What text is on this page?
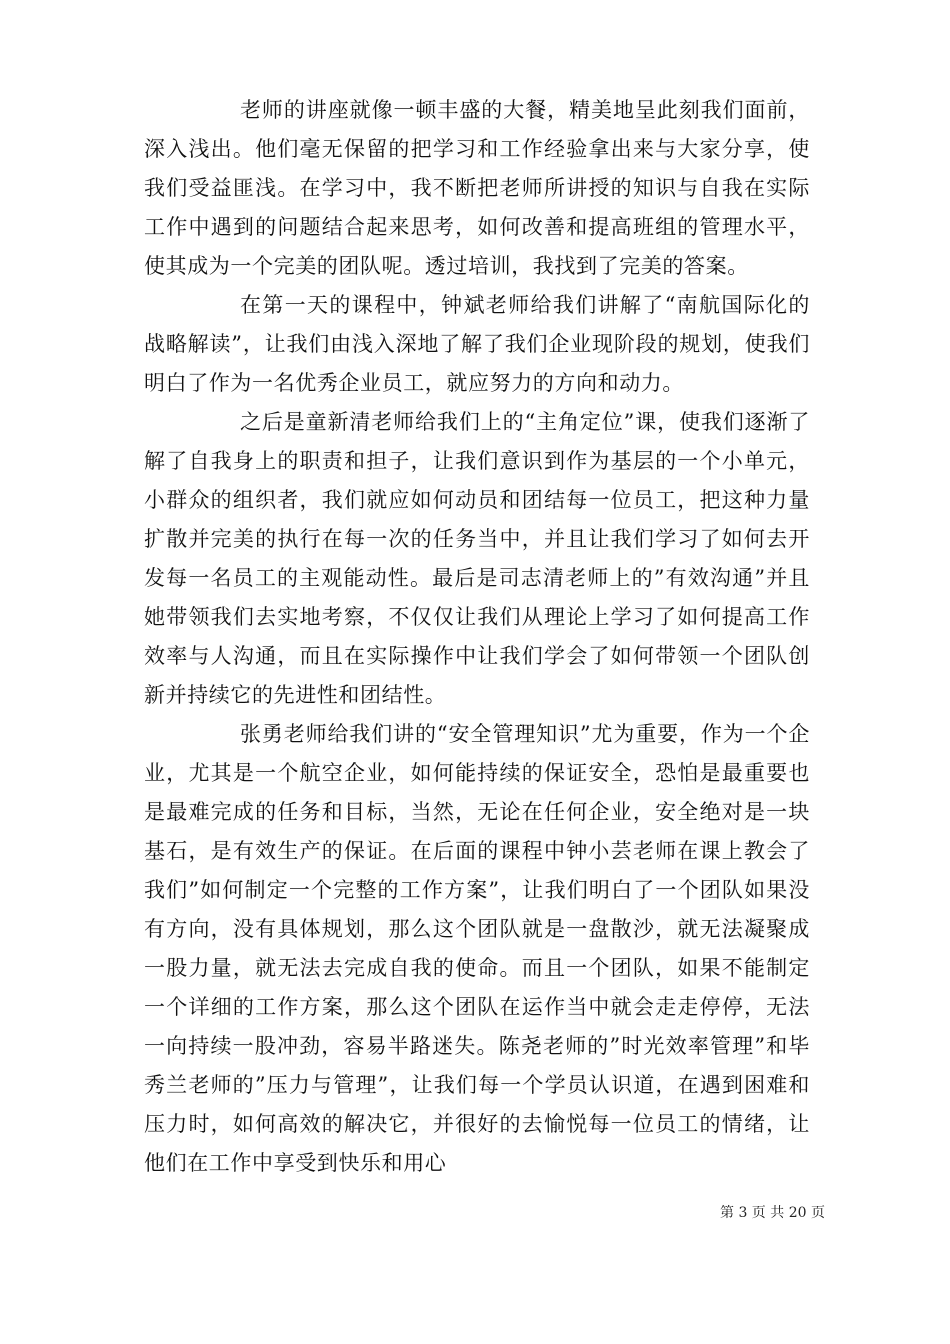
老师的讲座就像一顿丰盛的大餐，精美地呈此刻我们面前，深入浅出。他们毫无保留的把学习和工作经验拿出来与大家分享，使我们受益匪浅。在学习中，我不断把老师所讲授的知识与自我在实际工作中遇到的问题结合起来思考，如何改善和提高班组的管理水平，使其成为一个完美的团队呢。透过培训，我找到了完美的答案。

在第一天的课程中，钟斌老师给我们讲解了“南航国际化的战略解读”，让我们由浅入深地了解了我们企业现阶段的规划，使我们明白了作为一名优秀企业员工，就应努力的方向和动力。

之后是童新清老师给我们上的“主角定位”课，使我们逐渐了解了自我身上的职责和担子，让我们意识到作为基层的一个小单元，小群众的组织者，我们就应如何动员和团结每一位员工，把这种力量扩散并完美的执行在每一次的任务当中，并且让我们学习了如何去开发每一名员工的主观能动性。最后是司志清老师上的”有效沟通”并且她带领我们去实地考察，不仅仅让我们从理论上学习了如何提高工作效率与人沟通，而且在实际操作中让我们学会了如何带领一个团队创新并持续它的先进性和团结性。

张勇老师给我们讲的“安全管理知识”尤为重要，作为一个企业，尤其是一个航空企业，如何能持续的保证安全，恐怕是最重要也是最难完成的任务和目标，当然，无论在任何企业，安全绝对是一块基石，是有效生产的保证。在后面的课程中钟小芸老师在课上教会了我们”如何制定一个完整的工作方案”，让我们明白了一个团队如果没有方向，没有具体规划，那么这个团队就是一盘散沙，就无法凝聚成一股力量，就无法去完成自我的使命。而且一个团队，如果不能制定一个详细的工作方案，那么这个团队在运作当中就会走走停停，无法一向持续一股冲劲，容易半路迷失。陈尧老师的”时光效率管理”和毕秀兰老师的”压力与管理”，让我们每一个学员认识道，在遇到困难和压力时，如何高效的解决它，并很好的去愉悦每一位员工的情绪，让他们在工作中享受到快乐和用心

第 3 页 共 20 页
